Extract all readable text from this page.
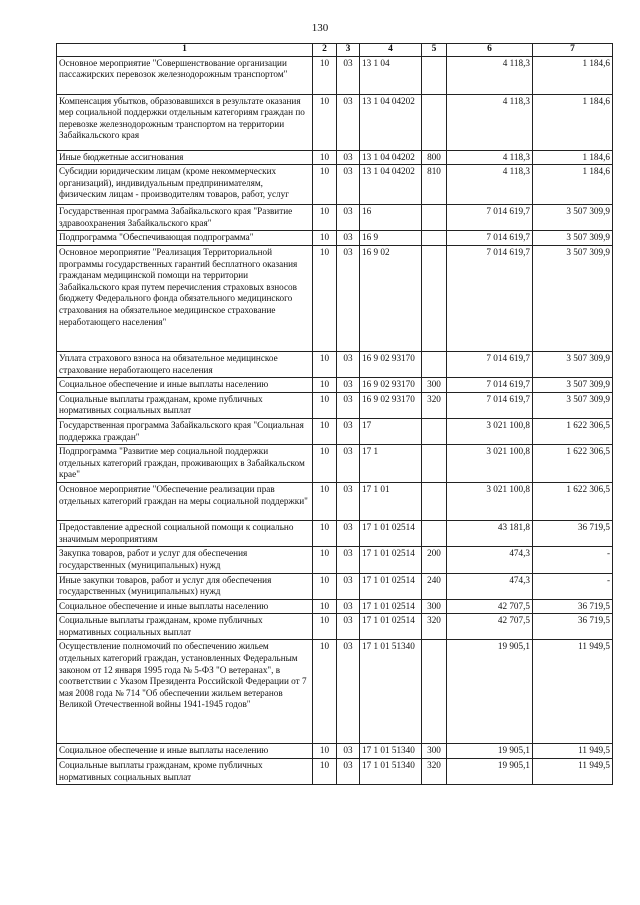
130
1	2	3	4	5	6	7
Основное мероприятие "Совершенствование организации пассажирских перевозок железнодорожным транспортом"	10	03	13 1 04		4 118,3	1 184,6
Компенсация убытков, образовавшихся в результате оказания мер социальной поддержки отдельным категориям граждан по перевозке железнодорожным транспортом на территории Забайкальского края	10	03	13 1 04 04202		4 118,3	1 184,6
Иные бюджетные ассигнования	10	03	13 1 04 04202	800	4 118,3	1 184,6
Субсидии юридическим лицам (кроме некоммерческих организаций), индивидуальным предпринимателям, физическим лицам - производителям товаров, работ, услуг	10	03	13 1 04 04202	810	4 118,3	1 184,6
Государственная программа Забайкальского края "Развитие здравоохранения Забайкальского края"	10	03	16		7 014 619,7	3 507 309,9
Подпрограмма "Обеспечивающая подпрограмма"	10	03	16 9		7 014 619,7	3 507 309,9
Основное мероприятие "Реализация Территориальной программы государственных гарантий бесплатного оказания гражданам медицинской помощи на территории Забайкальского края путем перечисления страховых взносов бюджету Федерального фонда обязательного медицинского страхования на обязательное медицинское страхование неработающего населения"	10	03	16 9 02		7 014 619,7	3 507 309,9
Уплата страхового взноса на обязательное медицинское страхование неработающего населения	10	03	16 9 02 93170		7 014 619,7	3 507 309,9
Социальное обеспечение и иные выплаты населению	10	03	16 9 02 93170	300	7 014 619,7	3 507 309,9
Социальные выплаты гражданам, кроме публичных нормативных социальных выплат	10	03	16 9 02 93170	320	7 014 619,7	3 507 309,9
Государственная программа Забайкальского края "Социальная поддержка граждан"	10	03	17		3 021 100,8	1 622 306,5
Подпрограмма "Развитие мер социальной поддержки отдельных категорий граждан, проживающих в Забайкальском крае"	10	03	17 1		3 021 100,8	1 622 306,5
Основное мероприятие "Обеспечение реализации прав отдельных категорий граждан на меры социальной поддержки"	10	03	17 1 01		3 021 100,8	1 622 306,5
Предоставление адресной социальной помощи к социально значимым мероприятиям	10	03	17 1 01 02514		43 181,8	36 719,5
Закупка товаров, работ и услуг для обеспечения государственных (муниципальных) нужд	10	03	17 1 01 02514	200	474,3	-
Иные закупки товаров, работ и услуг для обеспечения государственных (муниципальных) нужд	10	03	17 1 01 02514	240	474,3	-
Социальное обеспечение и иные выплаты населению	10	03	17 1 01 02514	300	42 707,5	36 719,5
Социальные выплаты гражданам, кроме публичных нормативных социальных выплат	10	03	17 1 01 02514	320	42 707,5	36 719,5
Осуществление полномочий по обеспечению жильем отдельных категорий граждан, установленных Федеральным законом от 12 января 1995 года № 5-ФЗ "О ветеранах", в соответствии с Указом Президента Российской Федерации от 7 мая 2008 года № 714 "Об обеспечении жильем ветеранов Великой Отечественной войны 1941-1945 годов"	10	03	17 1 01 51340		19 905,1	11 949,5
Социальное обеспечение и иные выплаты населению	10	03	17 1 01 51340	300	19 905,1	11 949,5
Социальные выплаты гражданам, кроме публичных нормативных социальных выплат	10	03	17 1 01 51340	320	19 905,1	11 949,5
